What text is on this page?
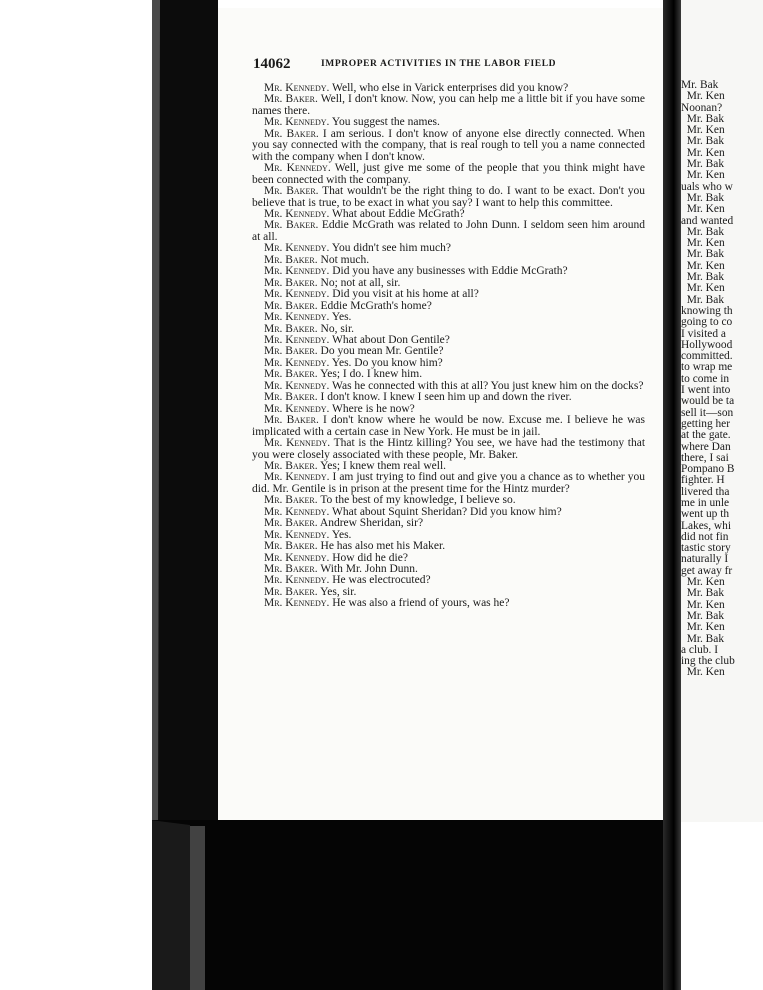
Mr. Bak
Mr. Ken
Noonan?
Mr. Bak
Mr. Ken
Mr. Bak
Mr. Ken
Mr. Bak
Mr. Ken
uals who w
Mr. Bak
Mr. Ken
and wanted
Mr. Bak
Mr. Ken
Mr. Bak
Mr. Ken
Mr. Bak
Mr. Ken
Mr. Bak
knowing th
going to co
I visited a
Hollywood
committed.
to wrap me
to come in
I went into
would be ta
sell it—son
getting her
at the gate.
where Dan
there, I sai
Pompano B
fighter. H
livered tha
me in unle
went up th
Lakes, whi
did not fin
tastic story
naturally I
get away fr
Mr. Ken
Mr. Bak
Mr. Ken
Mr. Bak
Mr. Ken
Mr. Bak
a club. I
ing the club
Mr. Ken
14062	IMPROPER ACTIVITIES IN THE LABOR FIELD

Mr. Kennedy. Well, who else in Varick enterprises did you know?

Mr. Baker. Well, I don't know. Now, you can help me a little bit if you have some names there.

Mr. Kennedy. You suggest the names.

Mr. Baker. I am serious. I don't know of anyone else directly connected. When you say connected with the company, that is real rough to tell you a name connected with the company when I don't know.

Mr. Kennedy. Well, just give me some of the people that you think might have been connected with the company.

Mr. Baker. That wouldn't be the right thing to do. I want to be exact. Don't you believe that is true, to be exact in what you say? I want to help this committee.

Mr. Kennedy. What about Eddie McGrath?

Mr. Baker. Eddie McGrath was related to John Dunn. I seldom seen him around at all.

Mr. Kennedy. You didn't see him much?

Mr. Baker. Not much.

Mr. Kennedy. Did you have any businesses with Eddie McGrath?

Mr. Baker. No; not at all, sir.

Mr. Kennedy. Did you visit at his home at all?

Mr. Baker. Eddie McGrath's home?

Mr. Kennedy. Yes.

Mr. Baker. No, sir.

Mr. Kennedy. What about Don Gentile?

Mr. Baker. Do you mean Mr. Gentile?

Mr. Kennedy. Yes. Do you know him?

Mr. Baker. Yes; I do. I knew him.

Mr. Kennedy. Was he connected with this at all? You just knew him on the docks?

Mr. Baker. I don't know. I knew I seen him up and down the river.

Mr. Kennedy. Where is he now?

Mr. Baker. I don't know where he would be now. Excuse me. I believe he was implicated with a certain case in New York. He must be in jail.

Mr. Kennedy. That is the Hintz killing? You see, we have had the testimony that you were closely associated with these people, Mr. Baker.

Mr. Baker. Yes; I knew them real well.

Mr. Kennedy. I am just trying to find out and give you a chance as to whether you did. Mr. Gentile is in prison at the present time for the Hintz murder?

Mr. Baker. To the best of my knowledge, I believe so.

Mr. Kennedy. What about Squint Sheridan? Did you know him?

Mr. Baker. Andrew Sheridan, sir?

Mr. Kennedy. Yes.

Mr. Baker. He has also met his Maker.

Mr. Kennedy. How did he die?

Mr. Baker. With Mr. John Dunn.

Mr. Kennedy. He was electrocuted?

Mr. Baker. Yes, sir.

Mr. Kennedy. He was also a friend of yours, was he?
